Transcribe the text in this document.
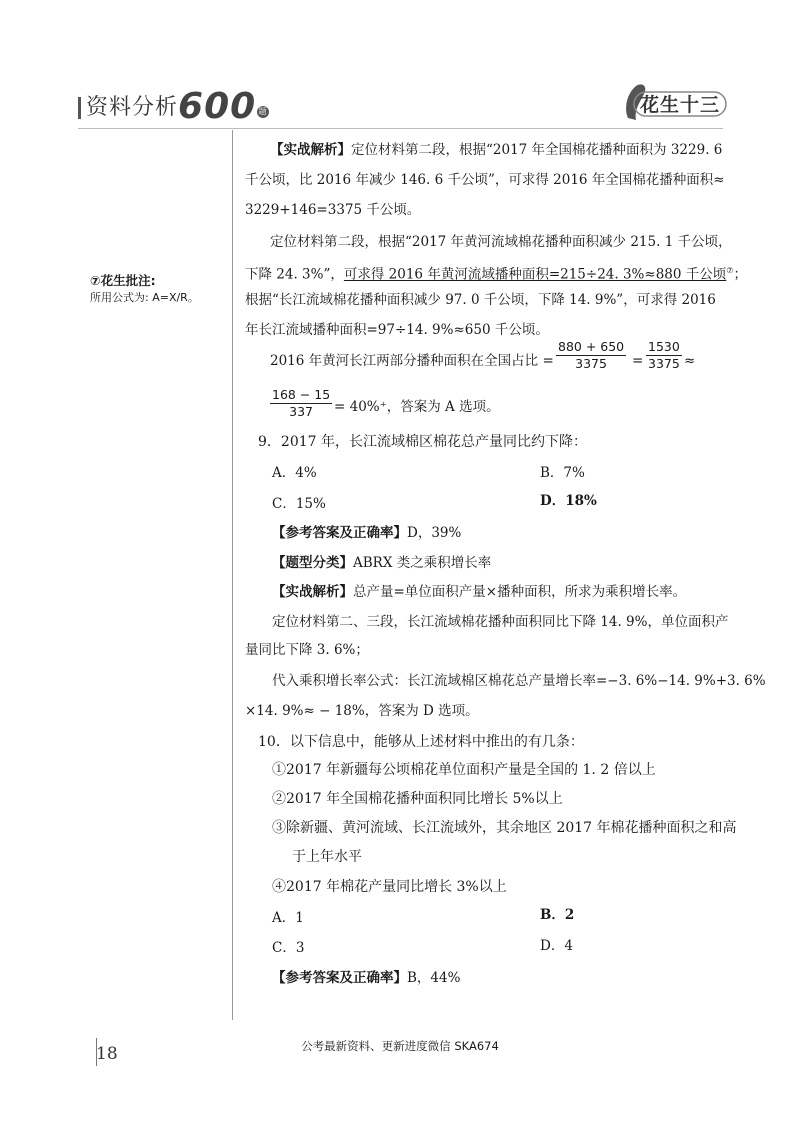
资料分析600 题	花生十三
⑦花生批注:
所用公式为: A=X/R。
【实战解析】定位材料第二段，根据“2017 年全国棉花播种面积为 3229. 6
千公顷，比 2016 年减少 146. 6 千公顷”，可求得 2016 年全国棉花播种面积≈
3229+146=3375 千公顷。
定位材料第二段，根据“2017 年黄河流域棉花播种面积减少 215. 1 千公顷，
下降 24. 3%”，可求得 2016 年黄河流域播种面积=215÷24. 3%≈880 千公顷⑦；
根据“长江流域棉花播种面积减少 97. 0 千公顷，下降 14. 9%”，可求得 2016
年长江流域播种面积=97÷14. 9%≈650 千公顷。
2016 年黄河长江两部分播种面积在全国占比 = $\frac{880 + 650}{3375} = \frac{1530}{3375}$ ≈
$\frac{168 - 15}{337} = 40\%^+$，答案为 A 选项。
9．2017 年，长江流域棉区棉花总产量同比约下降：
A．4%	B．7%
C．15%	D．18%
【参考答案及正确率】D，39%
【题型分类】ABRX 类之乘积增长率
【实战解析】总产量=单位面积产量×播种面积，所求为乘积增长率。
定位材料第二、三段，长江流域棉花播种面积同比下降 14. 9%，单位面积产
量同比下降 3. 6%；
代入乘积增长率公式：长江流域棉区棉花总产量增长率=−3. 6%−14. 9%+3. 6%
×14. 9%≈ − 18%，答案为 D 选项。
10．以下信息中，能够从上述材料中推出的有几条：
①2017 年新疆每公顷棉花单位面积产量是全国的 1. 2 倍以上
②2017 年全国棉花播种面积同比增长 5%以上
③除新疆、黄河流域、长江流域外，其余地区 2017 年棉花播种面积之和高
于上年水平
④2017 年棉花产量同比增长 3%以上
A．1	B．2
C．3	D．4
【参考答案及正确率】B，44%
18	公考最新资料、更新进度微信 SKA674
